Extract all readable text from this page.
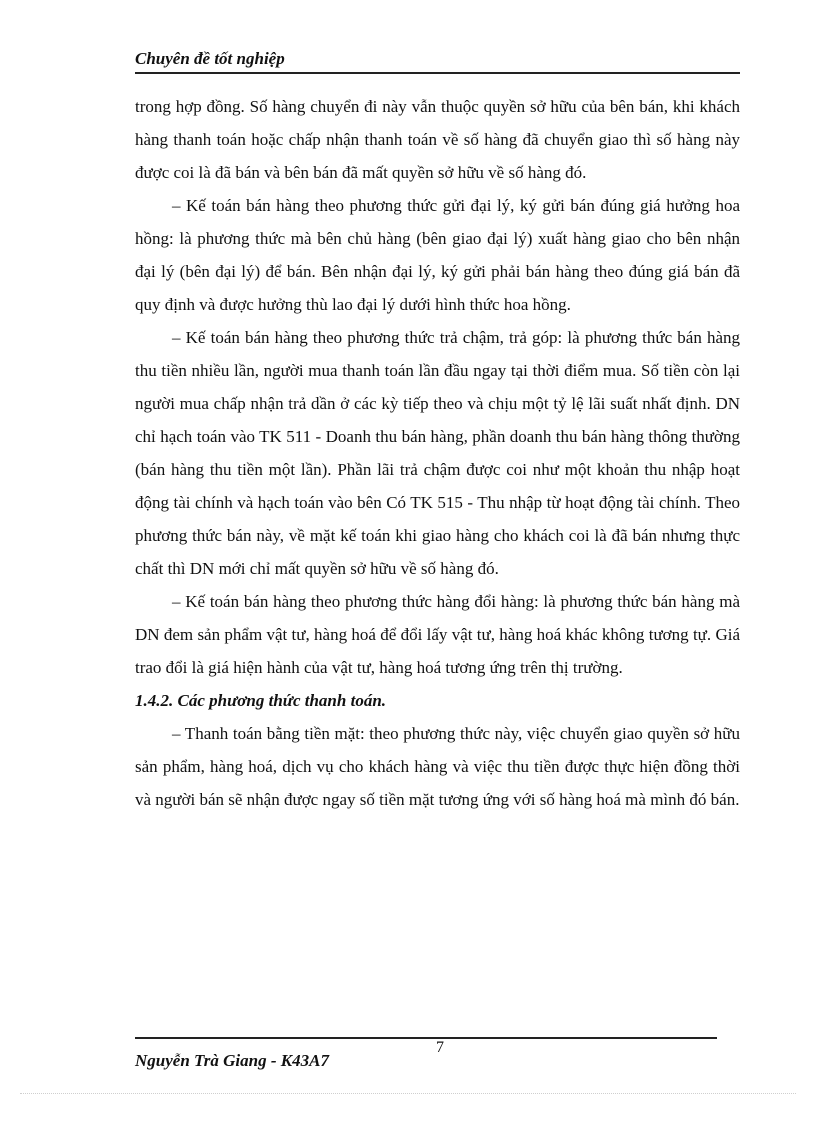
Chuyên đề tốt nghiệp

trong hợp đồng. Số hàng chuyển đi này vẫn thuộc quyền sở hữu của bên bán, khi khách hàng thanh toán hoặc chấp nhận thanh toán về số hàng đã chuyển giao thì số hàng này được coi là đã bán và bên bán đã mất quyền sở hữu về số hàng đó.

– Kế toán bán hàng theo phương thức gửi đại lý, ký gửi bán đúng giá hưởng hoa hồng: là phương thức mà bên chủ hàng (bên giao đại lý) xuất hàng giao cho bên nhận đại lý (bên đại lý) để bán. Bên nhận đại lý, ký gửi phải bán hàng theo đúng giá bán đã quy định và được hưởng thù lao đại lý dưới hình thức hoa hồng.

– Kế toán bán hàng theo phương thức trả chậm, trả góp: là phương thức bán hàng thu tiền nhiều lần, người mua thanh toán lần đầu ngay tại thời điểm mua. Số tiền còn lại người mua chấp nhận trả dần ở các kỳ tiếp theo và chịu một tỷ lệ lãi suất nhất định. DN chỉ hạch toán vào TK 511 - Doanh thu bán hàng, phần doanh thu bán hàng thông thường (bán hàng thu tiền một lần). Phần lãi trả chậm được coi như một khoản thu nhập hoạt động tài chính và hạch toán vào bên Có TK 515 - Thu nhập từ hoạt động tài chính. Theo phương thức bán này, về mặt kế toán khi giao hàng cho khách coi là đã bán nhưng thực chất thì DN mới chỉ mất quyền sở hữu về số hàng đó.

– Kế toán bán hàng theo phương thức hàng đổi hàng: là phương thức bán hàng mà DN đem sản phẩm vật tư, hàng hoá để đổi lấy vật tư, hàng hoá khác không tương tự. Giá trao đổi là giá hiện hành của vật tư, hàng hoá tương ứng trên thị trường.

1.4.2. Các phương thức thanh toán.

– Thanh toán bằng tiền mặt: theo phương thức này, việc chuyển giao quyền sở hữu sản phẩm, hàng hoá, dịch vụ cho khách hàng và việc thu tiền được thực hiện đồng thời và người bán sẽ nhận được ngay số tiền mặt tương ứng với số hàng hoá mà mình đó bán.

7
Nguyễn Trà Giang - K43A7
